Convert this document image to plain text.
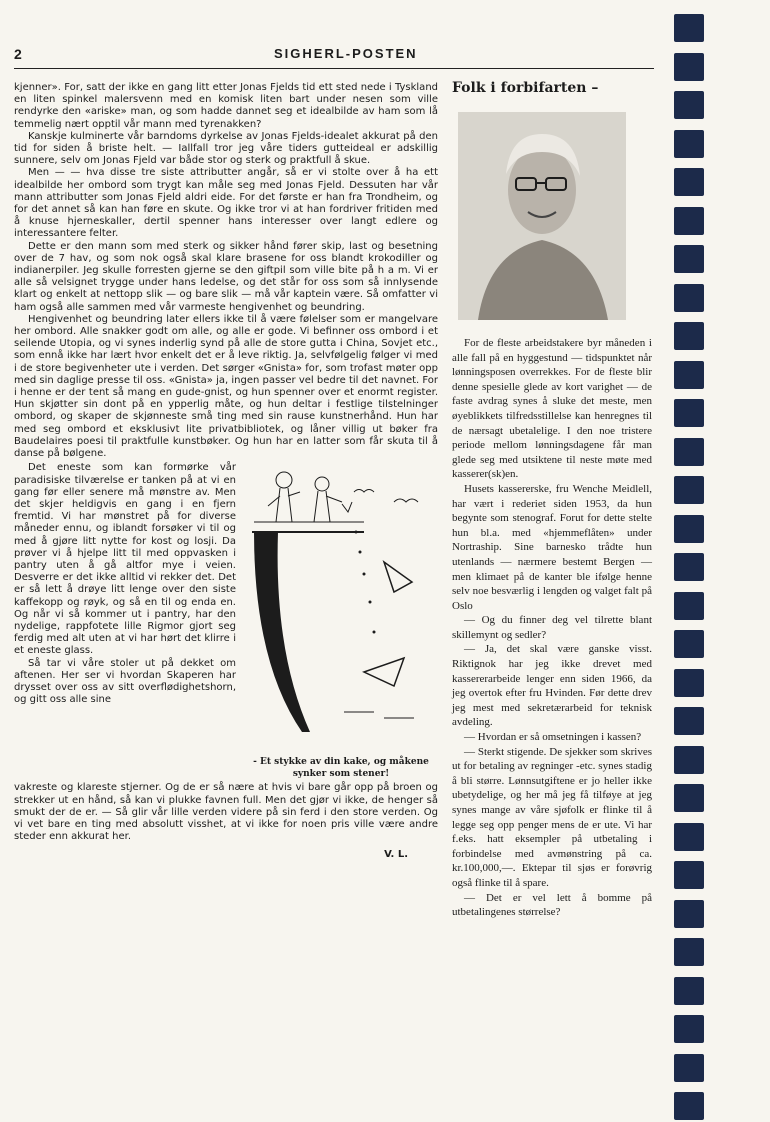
2	SIGHERL-POSTEN

kjenner». For, satt der ikke en gang litt etter Jonas Fjelds tid ett sted nede i Tyskland en liten spinkel malersvenn med en komisk liten bart under nesen som ville rendyrke den «ariske» man, og som hadde dannet seg et idealbilde av ham som lå temmelig nært opptil vår mann med tyrenakken?

Kanskje kulminerte vår barndoms dyrkelse av Jonas Fjelds-idealet akkurat på den tid for siden å briste helt. — Iallfall tror jeg våre tiders gutteideal er adskillig sunnere, selv om Jonas Fjeld var både stor og sterk og praktfull å skue.

Men — — hva disse tre siste attributter angår, så er vi stolte over å ha ett idealbilde her ombord som trygt kan måle seg med Jonas Fjeld. Dessuten har vår mann attributter som Jonas Fjeld aldri eide. For det første er han fra Trondheim, og for det annet så kan han føre en skute. Og ikke tror vi at han fordriver fritiden med å knuse hjerneskaller, dertil spenner hans interesser over langt edlere og interessantere felter.

Dette er den mann som med sterk og sikker hånd fører skip, last og besetning over de 7 hav, og som nok også skal klare brasene for oss blandt krokodiller og indianerpiler. Jeg skulle forresten gjerne se den giftpil som ville bite på h a m. Vi er alle så velsignet trygge under hans ledelse, og det står for oss som så innlysende klart og enkelt at nettopp slik — og bare slik — må vår kaptein være. Så omfatter vi ham også alle sammen med vår varmeste hengivenhet og beundring.

Hengivenhet og beundring later ellers ikke til å være følelser som er mangelvare her ombord. Alle snakker godt om alle, og alle er gode. Vi befinner oss ombord i et seilende Utopia, og vi synes inderlig synd på alle de store gutta i China, Sovjet etc., som ennå ikke har lært hvor enkelt det er å leve riktig. Ja, selvfølgelig følger vi med i de store begivenheter ute i verden. Det sørger «Gnista» for, som trofast møter opp med sin daglige presse til oss. «Gnista» ja, ingen passer vel bedre til det navnet. For i henne er der tent så mang en gude-gnist, og hun spenner over et enormt register. Hun skjøtter sin dont på en ypperlig måte, og hun deltar i festlige tilstelninger ombord, og skaper de skjønneste små ting med sin rause kunstnerhånd. Hun har med seg ombord et eksklusivt lite privatbibliotek, og låner villig ut bøker fra Baudelaires poesi til praktfulle kunstbøker. Og hun har en latter som får skuta til å danse på bølgene.

Det eneste som kan formørke vår paradisiske tilværelse er tanken på at vi en gang før eller senere må mønstre av. Men det skjer heldigvis en gang i en fjern fremtid. Vi har mønstret på for diverse måneder ennu, og iblandt forsøker vi til og med å gjøre litt nytte for kost og losji. Da prøver vi å hjelpe litt til med oppvasken i pantry uten å gå altfor mye i veien. Desverre er det ikke alltid vi rekker det. Det er så lett å drøye litt lenge over den siste kaffekopp og røyk, og så en til og enda en. Og når vi så kommer ut i pantry, har den nydelige, rappfotete lille Rigmor gjort seg ferdig med alt uten at vi har hørt det klirre i et eneste glass.

Så tar vi våre stoler ut på dekket om aftenen. Her ser vi hvordan Skaperen har drysset over oss av sitt overflødighetshorn, og gitt oss alle sine

- Et stykke av din kake, og måkene
synker som stener!

vakreste og klareste stjerner. Og de er så nære at hvis vi bare går opp på broen og strekker ut en hånd, så kan vi plukke favnen full. Men det gjør vi ikke, de henger så smukt der de er. — Så glir vår lille verden videre på sin ferd i den store verden. Og vi vet bare en ting med absolutt visshet, at vi ikke for noen pris ville være andre steder enn akkurat her.

V. L.
Folk i forbifarten –

For de fleste arbeidstakere byr måneden i alle fall på en hyggestund — tidspunktet når lønningsposen overrekkes. For de fleste blir denne spesielle glede av kort varighet — de faste avdrag synes å sluke det meste, men øyeblikkets tilfredsstillelse kan henregnes til de nærsagt ubetalelige. I den noe tristere periode mellom lønningsdagene får man glede seg med utsiktene til neste møte med kasserer(sk)en.

Husets kassererske, fru Wenche Meidlell, har vært i rederiet siden 1953, da hun begynte som stenograf. Forut for dette stelte hun bl.a. med «hjemmeflåten» under Nortraship. Sine barnesko trådte hun utenlands — nærmere bestemt Bergen — men klimaet på de kanter ble ifølge henne selv noe besværlig i lengden og valget falt på Oslo

— Og du finner deg vel tilrette blant skillemynt og sedler?

— Ja, det skal være ganske visst. Riktignok har jeg ikke drevet med kassererarbeide lenger enn siden 1966, da jeg overtok efter fru Hvinden. Før dette drev jeg mest med sekretærarbeid for teknisk avdeling.

— Hvordan er så omsetningen i kassen?

— Sterkt stigende. De sjekker som skrives ut for betaling av regninger -etc. synes stadig å bli større. Lønnsutgiftene er jo heller ikke ubetydelige, og her må jeg få tilføye at jeg synes mange av våre sjøfolk er flinke til å legge seg opp penger mens de er ute. Vi har f.eks. hatt eksempler på utbetaling i forbindelse med avmønstring på ca. kr.100,000,—. Ektepar til sjøs er forøvrig også flinke til å spare.

— Det er vel lett å bomme på utbetalingenes størrelse?
